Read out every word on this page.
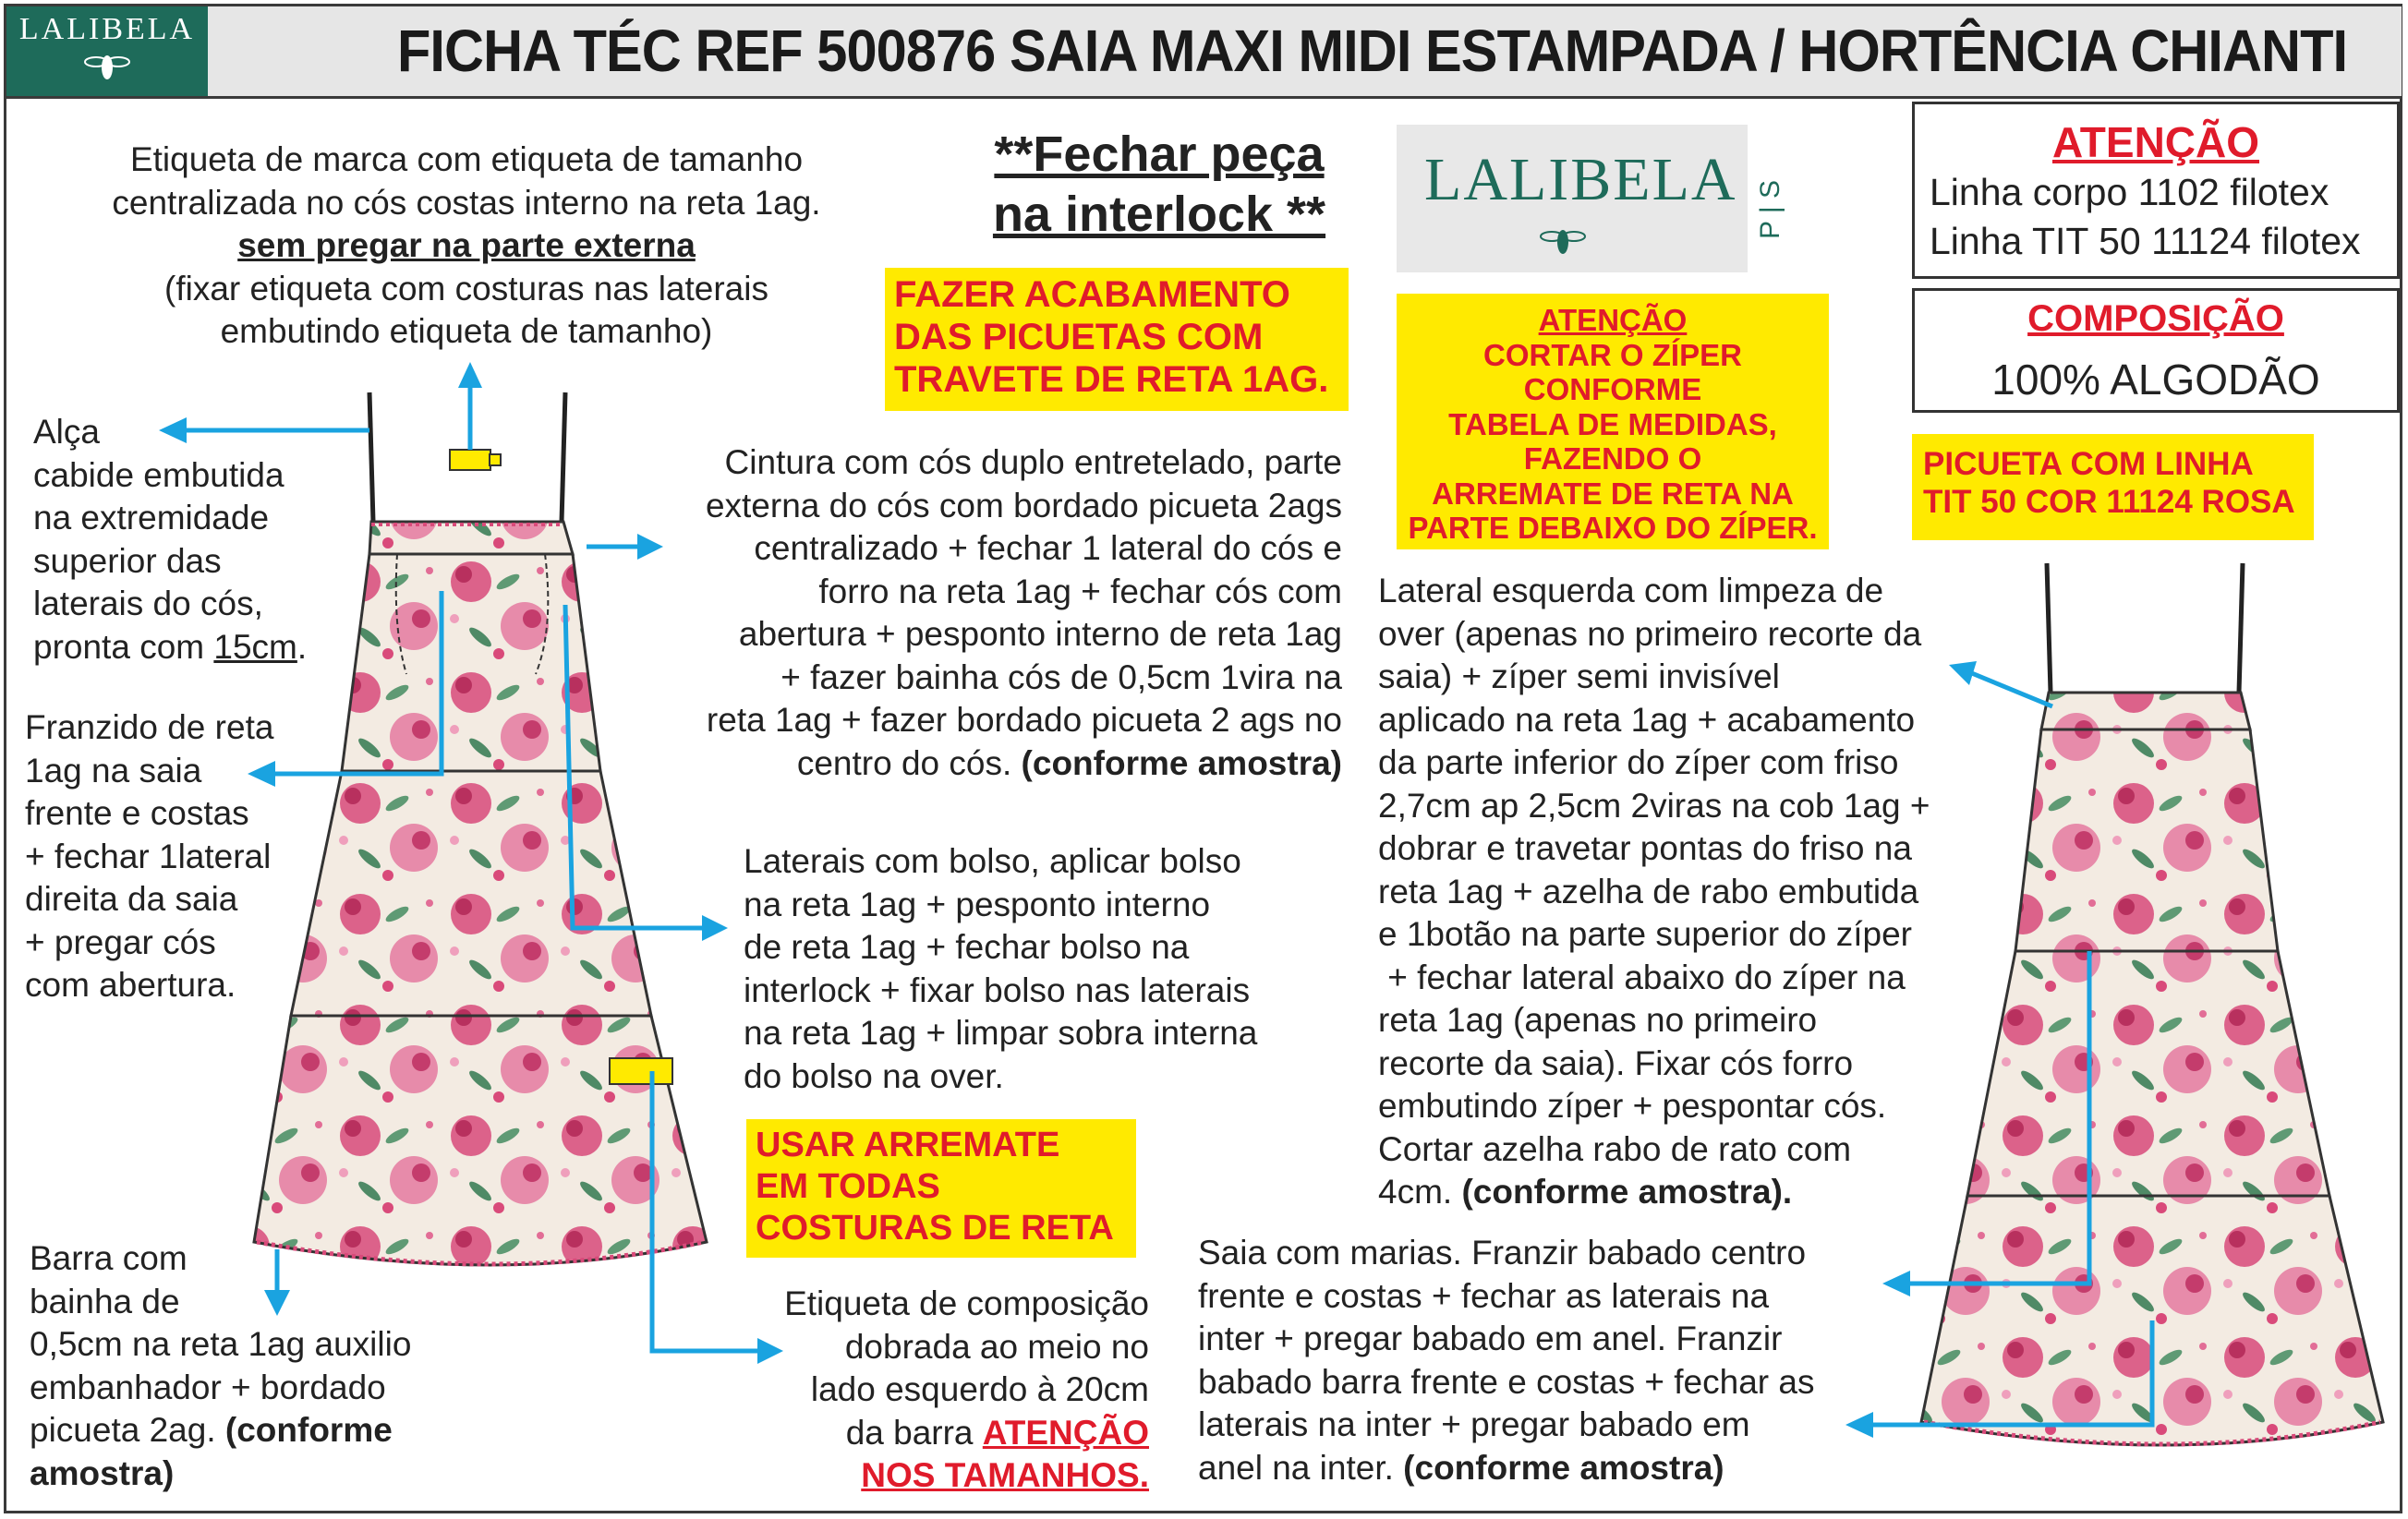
LALIBELA	FICHA TÉC REF 500876 SAIA MAXI MIDI ESTAMPADA / HORTÊNCIA CHIANTI
Etiqueta de marca com etiqueta de tamanho
centralizada no cós costas interno na reta 1ag.
sem pregar na parte externa
(fixar etiqueta com costuras nas laterais
embutindo etiqueta de tamanho)
**Fechar peça
na interlock **
FAZER ACABAMENTO
DAS PICUETAS COM
TRAVETE DE RETA 1AG.
LALIBELA P | S
ATENÇÃO
Linha corpo 1102 filotex
Linha TIT 50 11124 filotex
COMPOSIÇÃO
100% ALGODÃO
ATENÇÃO
CORTAR O ZÍPER
CONFORME
TABELA DE MEDIDAS,
FAZENDO O
ARREMATE DE RETA NA
PARTE DEBAIXO DO ZÍPER.
PICUETA COM LINHA
TIT 50 COR 11124 ROSA
Alça
cabide embutida
na extremidade
superior das
laterais do cós,
pronta com 15cm.
Franzido de reta
1ag na saia
frente e costas
+ fechar 1lateral
direita da saia
+ pregar cós
com abertura.
Cintura com cós duplo entretelado, parte
externa do cós com bordado picueta 2ags
centralizado + fechar 1 lateral do cós e
forro na reta 1ag + fechar cós com
abertura + pesponto interno de reta 1ag
+ fazer bainha cós de 0,5cm 1vira na
reta 1ag + fazer bordado picueta 2 ags no
centro do cós. (conforme amostra)
Laterais com bolso, aplicar bolso
na reta 1ag + pesponto interno
de reta 1ag + fechar bolso na
interlock + fixar bolso nas laterais
na reta 1ag + limpar sobra interna
do bolso na over.
USAR ARREMATE
EM TODAS
COSTURAS DE RETA
Barra com
bainha de
0,5cm na reta 1ag auxilio
embanhador + bordado
picueta 2ag. (conforme
amostra)
Etiqueta de composição
dobrada ao meio no
lado esquerdo à 20cm
da barra ATENÇÃO
NOS TAMANHOS.
Lateral esquerda com limpeza de
over (apenas no primeiro recorte da
saia) + zíper semi invisível
aplicado na reta 1ag + acabamento
da parte inferior do zíper com friso
2,7cm ap 2,5cm 2viras na cob 1ag +
dobrar e travetar pontas do friso na
reta 1ag + azelha de rabo embutida
e 1botão na parte superior do zíper
+ fechar lateral abaixo do zíper na
reta 1ag (apenas no primeiro
recorte da saia). Fixar cós forro
embutindo zíper + pespontar cós.
Cortar azelha rabo de rato com
4cm. (conforme amostra).
Saia com marias. Franzir babado centro
frente e costas + fechar as laterais na
inter + pregar babado em anel. Franzir
babado barra frente e costas + fechar as
laterais na inter + pregar babado em
anel na inter. (conforme amostra)
